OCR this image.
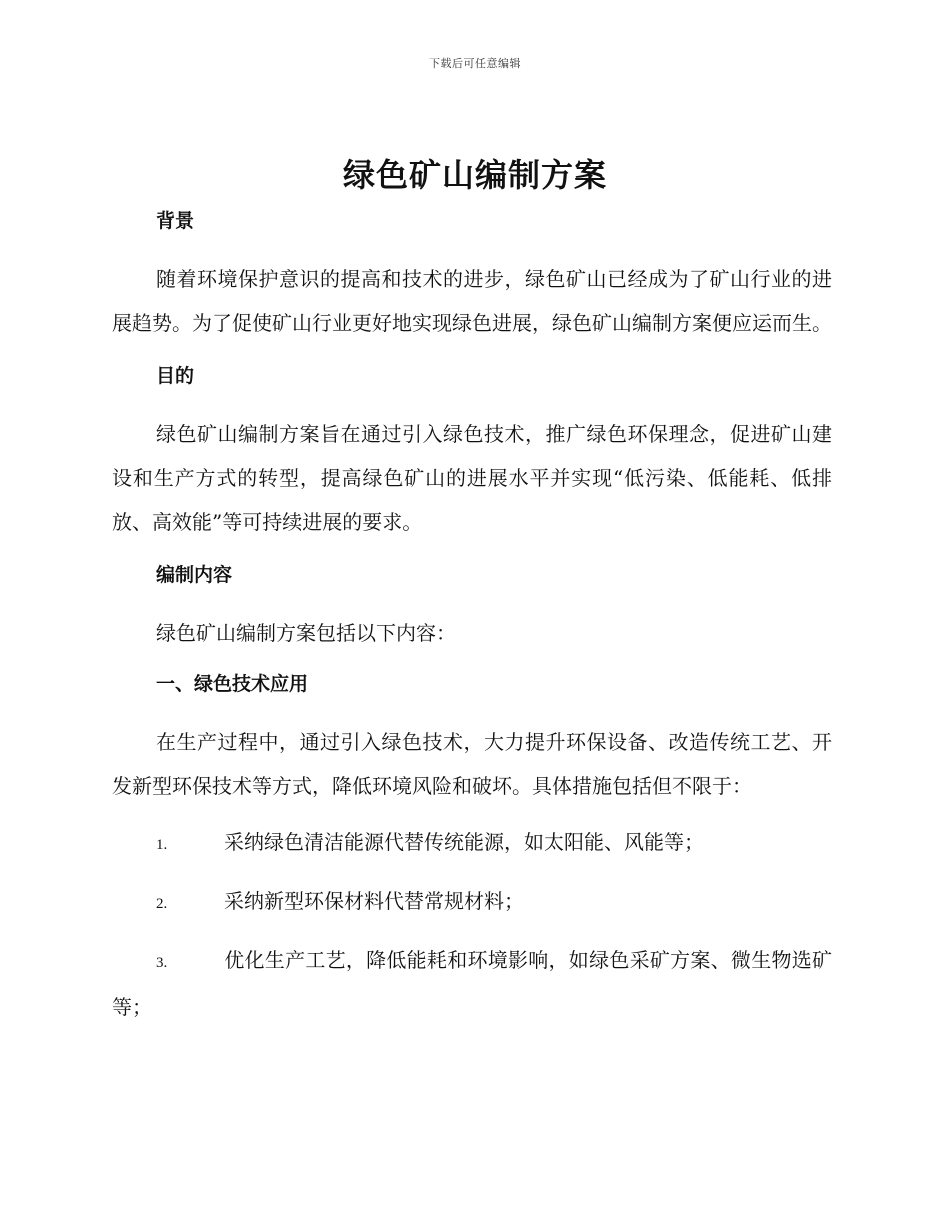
下载后可任意编辑
绿色矿山编制方案
背景

随着环境保护意识的提高和技术的进步，绿色矿山已经成为了矿山行业的进展趋势。为了促使矿山行业更好地实现绿色进展，绿色矿山编制方案便应运而生。

目的

绿色矿山编制方案旨在通过引入绿色技术，推广绿色环保理念，促进矿山建设和生产方式的转型，提高绿色矿山的进展水平并实现“低污染、低能耗、低排放、高效能”等可持续进展的要求。

编制内容

绿色矿山编制方案包括以下内容：

一、绿色技术应用

在生产过程中，通过引入绿色技术，大力提升环保设备、改造传统工艺、开发新型环保技术等方式，降低环境风险和破坏。具体措施包括但不限于：

1.	采纳绿色清洁能源代替传统能源，如太阳能、风能等；

2.	采纳新型环保材料代替常规材料；

3.	优化生产工艺，降低能耗和环境影响，如绿色采矿方案、微生物选矿等；
